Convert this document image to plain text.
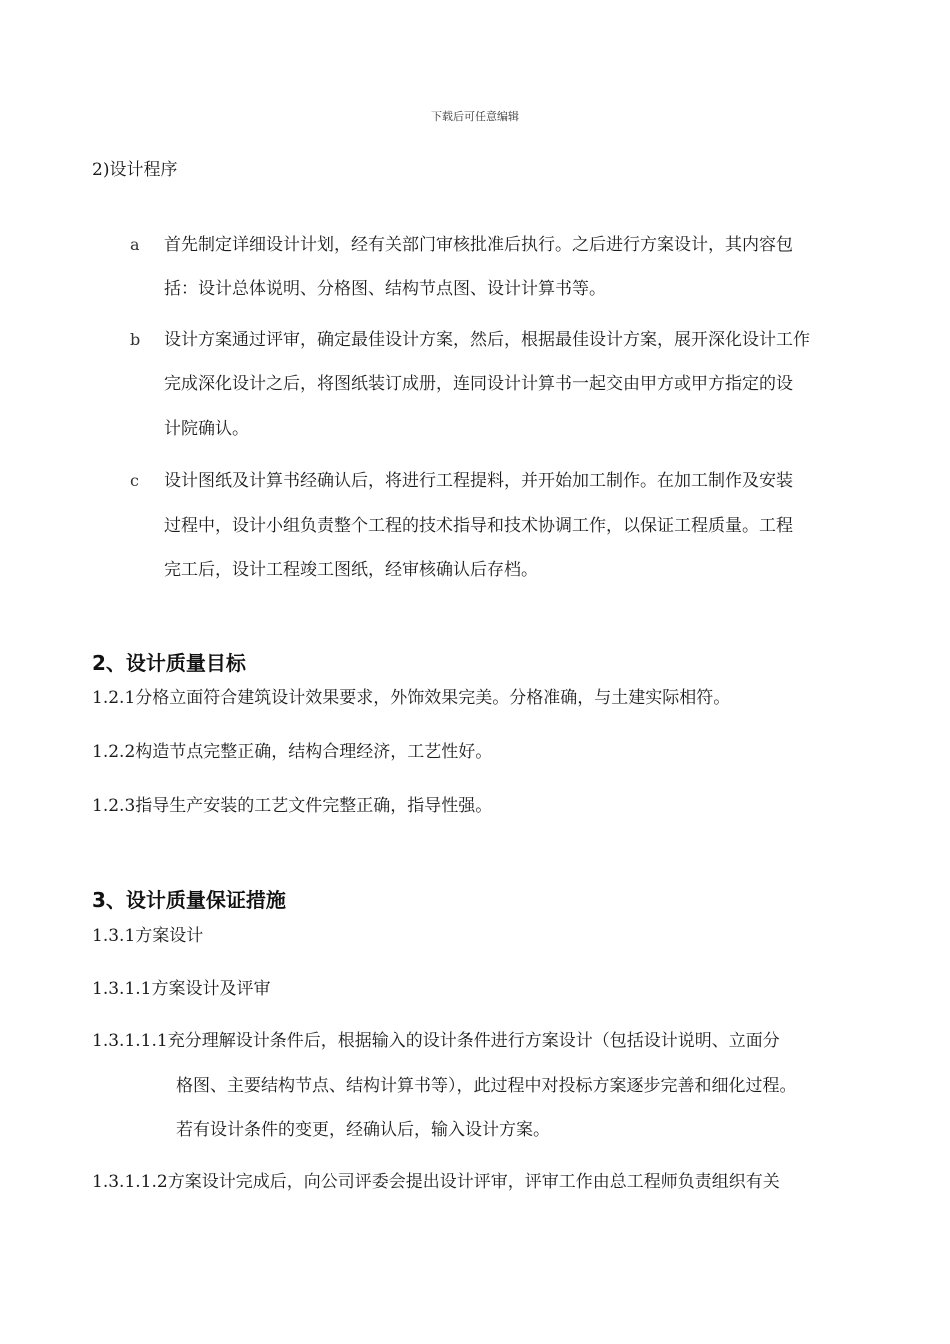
下载后可任意编辑
2)设计程序
a 首先制定详细设计计划，经有关部门审核批准后执行。之后进行方案设计，其内容包
括：设计总体说明、分格图、结构节点图、设计计算书等。
b 设计方案通过评审，确定最佳设计方案，然后，根据最佳设计方案，展开深化设计工作
完成深化设计之后，将图纸装订成册，连同设计计算书一起交由甲方或甲方指定的设
计院确认。
c 设计图纸及计算书经确认后，将进行工程提料，并开始加工制作。在加工制作及安装
过程中，设计小组负责整个工程的技术指导和技术协调工作，以保证工程质量。工程
完工后，设计工程竣工图纸，经审核确认后存档。
2、设计质量目标
1.2.1分格立面符合建筑设计效果要求，外饰效果完美。分格准确，与土建实际相符。
1.2.2构造节点完整正确，结构合理经济，工艺性好。
1.2.3指导生产安装的工艺文件完整正确，指导性强。
3、设计质量保证措施
1.3.1方案设计
1.3.1.1方案设计及评审
1.3.1.1.1充分理解设计条件后，根据输入的设计条件进行方案设计（包括设计说明、立面分
格图、主要结构节点、结构计算书等），此过程中对投标方案逐步完善和细化过程。
若有设计条件的变更，经确认后，输入设计方案。
1.3.1.1.2方案设计完成后，向公司评委会提出设计评审，评审工作由总工程师负责组织有关
